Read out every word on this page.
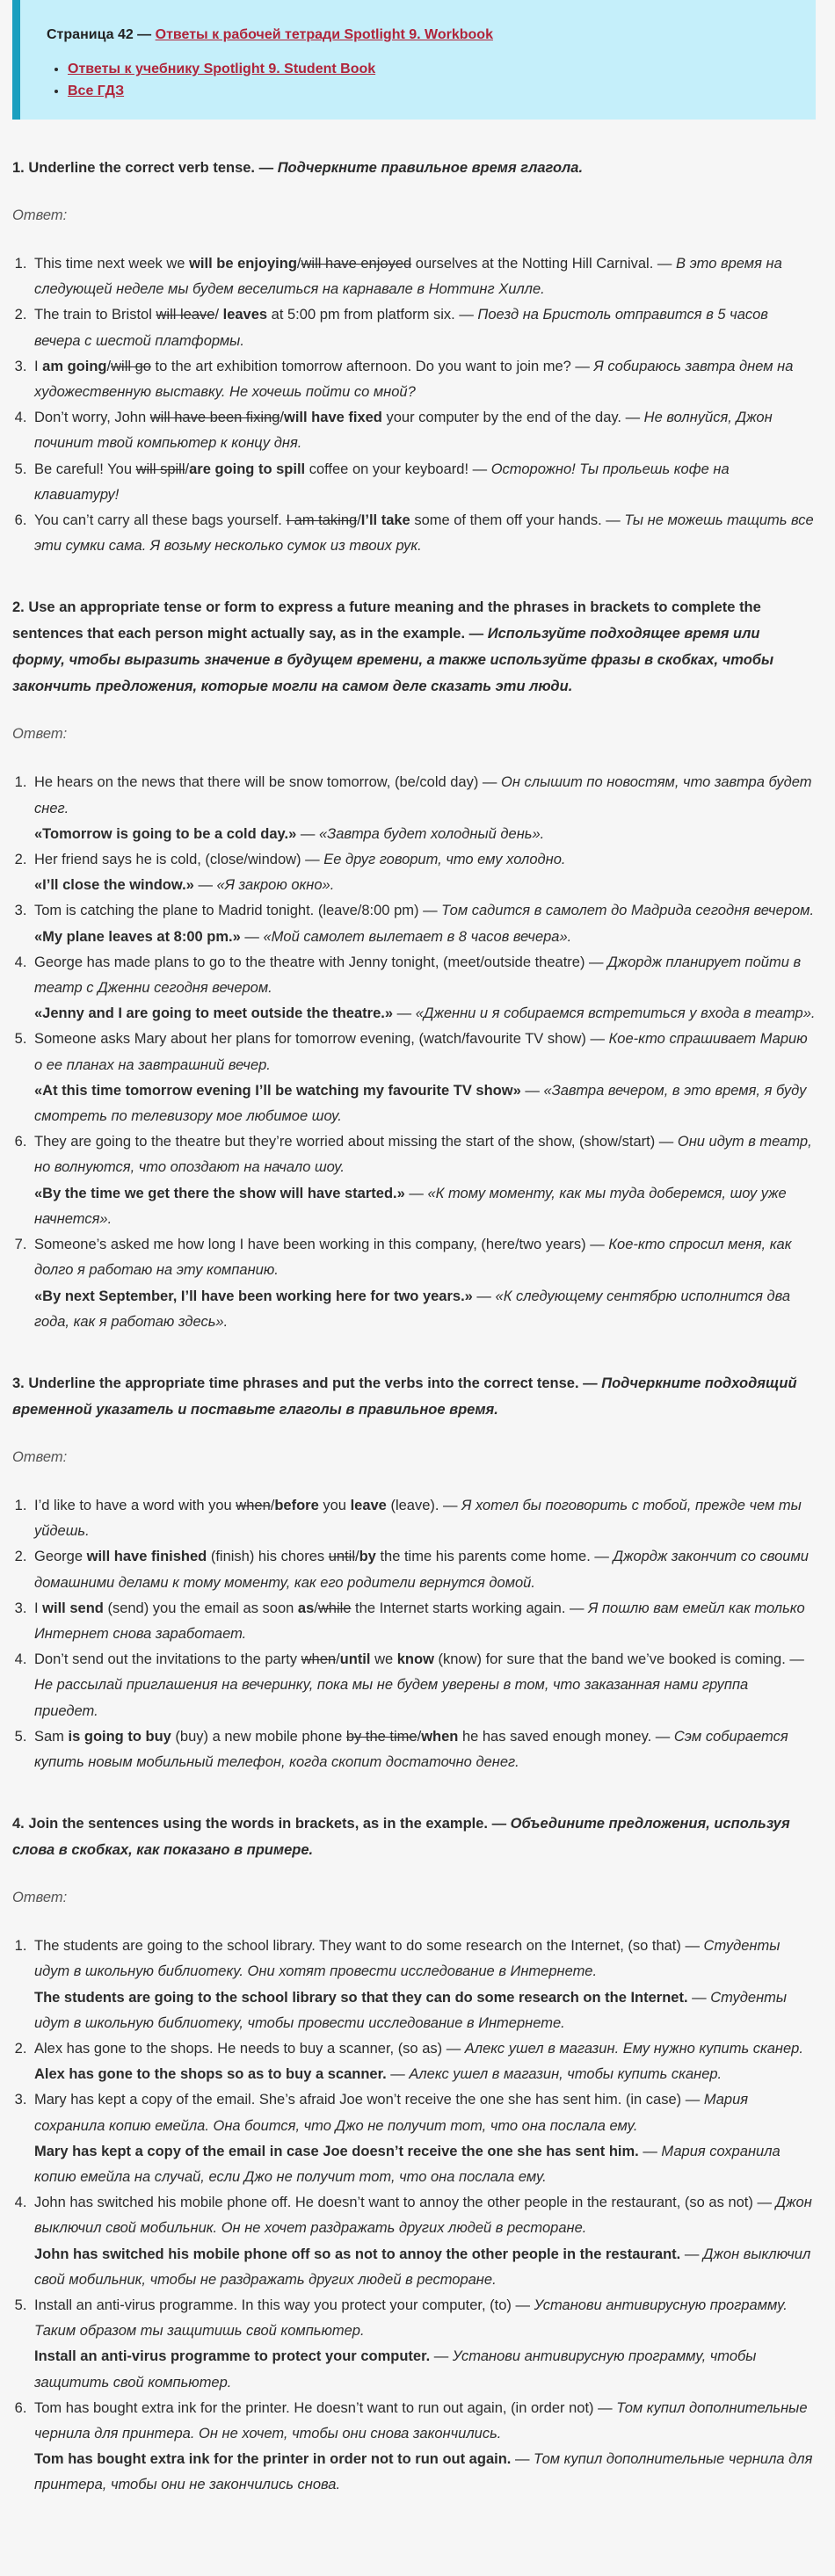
Страница 42 — Ответы к рабочей тетради Spotlight 9. Workbook
• Ответы к учебнику Spotlight 9. Student Book
• Все ГДЗ
1. Underline the correct verb tense. — Подчеркните правильное время глагола.
Ответ:
1. This time next week we will be enjoying/will have enjoyed ourselves at the Notting Hill Carnival. — В это время на следующей неделе мы будем веселиться на карнавале в Ноттинг Хилле.
2. The train to Bristol will leave/ leaves at 5:00 pm from platform six. — Поезд на Бристоль отправится в 5 часов вечера с шестой платформы.
3. I am going/will go to the art exhibition tomorrow afternoon. Do you want to join me? — Я собираюсь завтра днем на художественную выставку. Не хочешь пойти со мной?
4. Don’t worry, John will have been fixing/will have fixed your computer by the end of the day. — Не волнуйся, Джон починит твой компьютер к концу дня.
5. Be careful! You will spill/are going to spill coffee on your keyboard! — Осторожно! Ты прольешь кофе на клавиатуру!
6. You can’t carry all these bags yourself. I am taking/I’ll take some of them off your hands. — Ты не можешь тащить все эти сумки сама. Я возьму несколько сумок из твоих рук.
2. Use an appropriate tense or form to express a future meaning and the phrases in brackets to complete the sentences that each person might actually say, as in the example. — Используйте подходящее время или форму, чтобы выразить значение в будущем времени, а также используйте фразы в скобках, чтобы закончить предложения, которые могли на самом деле сказать эти люди.
Ответ:
1. He hears on the news that there will be snow tomorrow, (be/cold day) — Он слышит по новостям, что завтра будет снег.
«Tomorrow is going to be a cold day.» — «Завтра будет холодный день».
2. Her friend says he is cold, (close/window) — Ее друг говорит, что ему холодно.
«I’ll close the window.» — «Я закрою окно».
3. Tom is catching the plane to Madrid tonight. (leave/8:00 pm) — Том садится в самолет до Мадрида сегодня вечером.
«My plane leaves at 8:00 pm.» — «Мой самолет вылетает в 8 часов вечера».
4. George has made plans to go to the theatre with Jenny tonight, (meet/outside theatre) — Джордж планирует пойти в театр с Дженни сегодня вечером.
«Jenny and I are going to meet outside the theatre.» — «Дженни и я собираемся встретиться у входа в театр».
5. Someone asks Mary about her plans for tomorrow evening, (watch/favourite TV show) — Кое-кто спрашивает Марию о ее планах на завтрашний вечер.
«At this time tomorrow evening I’ll be watching my favourite TV show» — «Завтра вечером, в это время, я буду смотреть по телевизору мое любимое шоу.
6. They are going to the theatre but they’re worried about missing the start of the show, (show/start) — Они идут в театр, но волнуются, что опоздают на начало шоу.
«By the time we get there the show will have started.» — «К тому моменту, как мы туда доберемся, шоу уже начнется».
7. Someone’s asked me how long I have been working in this company, (here/two years) — Кое-кто спросил меня, как долго я работаю на эту компанию.
«By next September, I’ll have been working here for two years.» — «К следующему сентябрю исполнится два года, как я работаю здесь».
3. Underline the appropriate time phrases and put the verbs into the correct tense. — Подчеркните подходящий временной указатель и поставьте глаголы в правильное время.
Ответ:
1. I’d like to have a word with you when/before you leave (leave). — Я хотел бы поговорить с тобой, прежде чем ты уйдешь.
2. George will have finished (finish) his chores until/by the time his parents come home. — Джордж закончит со своими домашними делами к тому моменту, как его родители вернутся домой.
3. I will send (send) you the email as soon as/while the Internet starts working again. — Я пошлю вам емейл как только Интернет снова заработает.
4. Don’t send out the invitations to the party when/until we know (know) for sure that the band we’ve booked is coming. — Не рассылай приглашения на вечеринку, пока мы не будем уверены в том, что заказанная нами группа приедет.
5. Sam is going to buy (buy) a new mobile phone by the time/when he has saved enough money. — Сэм собирается купить новым мобильный телефон, когда скопит достаточно денег.
4. Join the sentences using the words in brackets, as in the example. — Объедините предложения, используя слова в скобках, как показано в примере.
Ответ:
1. The students are going to the school library. They want to do some research on the Internet, (so that) — Студенты идут в школьную библиотеку. Они хотят провести исследование в Интернете.
The students are going to the school library so that they can do some research on the Internet. — Студенты идут в школьную библиотеку, чтобы провести исследование в Интернете.
2. Alex has gone to the shops. He needs to buy a scanner, (so as) — Алекс ушел в магазин. Ему нужно купить сканер.
Alex has gone to the shops so as to buy a scanner. — Алекс ушел в магазин, чтобы купить сканер.
3. Mary has kept a copy of the email. She’s afraid Joe won’t receive the one she has sent him. (in case) — Мария сохранила копию емейла. Она боится, что Джо не получит тот, что она послала ему.
Mary has kept a copy of the email in case Joe doesn’t receive the one she has sent him. — Мария сохранила копию емейла на случай, если Джо не получит тот, что она послала ему.
4. John has switched his mobile phone off. He doesn’t want to annoy the other people in the restaurant, (so as not) — Джон выключил свой мобильник. Он не хочет раздражать других людей в ресторане.
John has switched his mobile phone off so as not to annoy the other people in the restaurant. — Джон выключил свой мобильник, чтобы не раздражать других людей в ресторане.
5. Install an anti-virus programme. In this way you protect your computer, (to) — Установи антивирусную программу. Таким образом ты защитишь свой компьютер.
Install an anti-virus programme to protect your computer. — Установи антивирусную программу, чтобы защитить свой компьютер.
6. Tom has bought extra ink for the printer. He doesn’t want to run out again, (in order not) — Том купил дополнительные чернила для принтера. Он не хочет, чтобы они снова закончились.
Tom has bought extra ink for the printer in order not to run out again. — Том купил дополнительные чернила для принтера, чтобы они не закончились снова.
